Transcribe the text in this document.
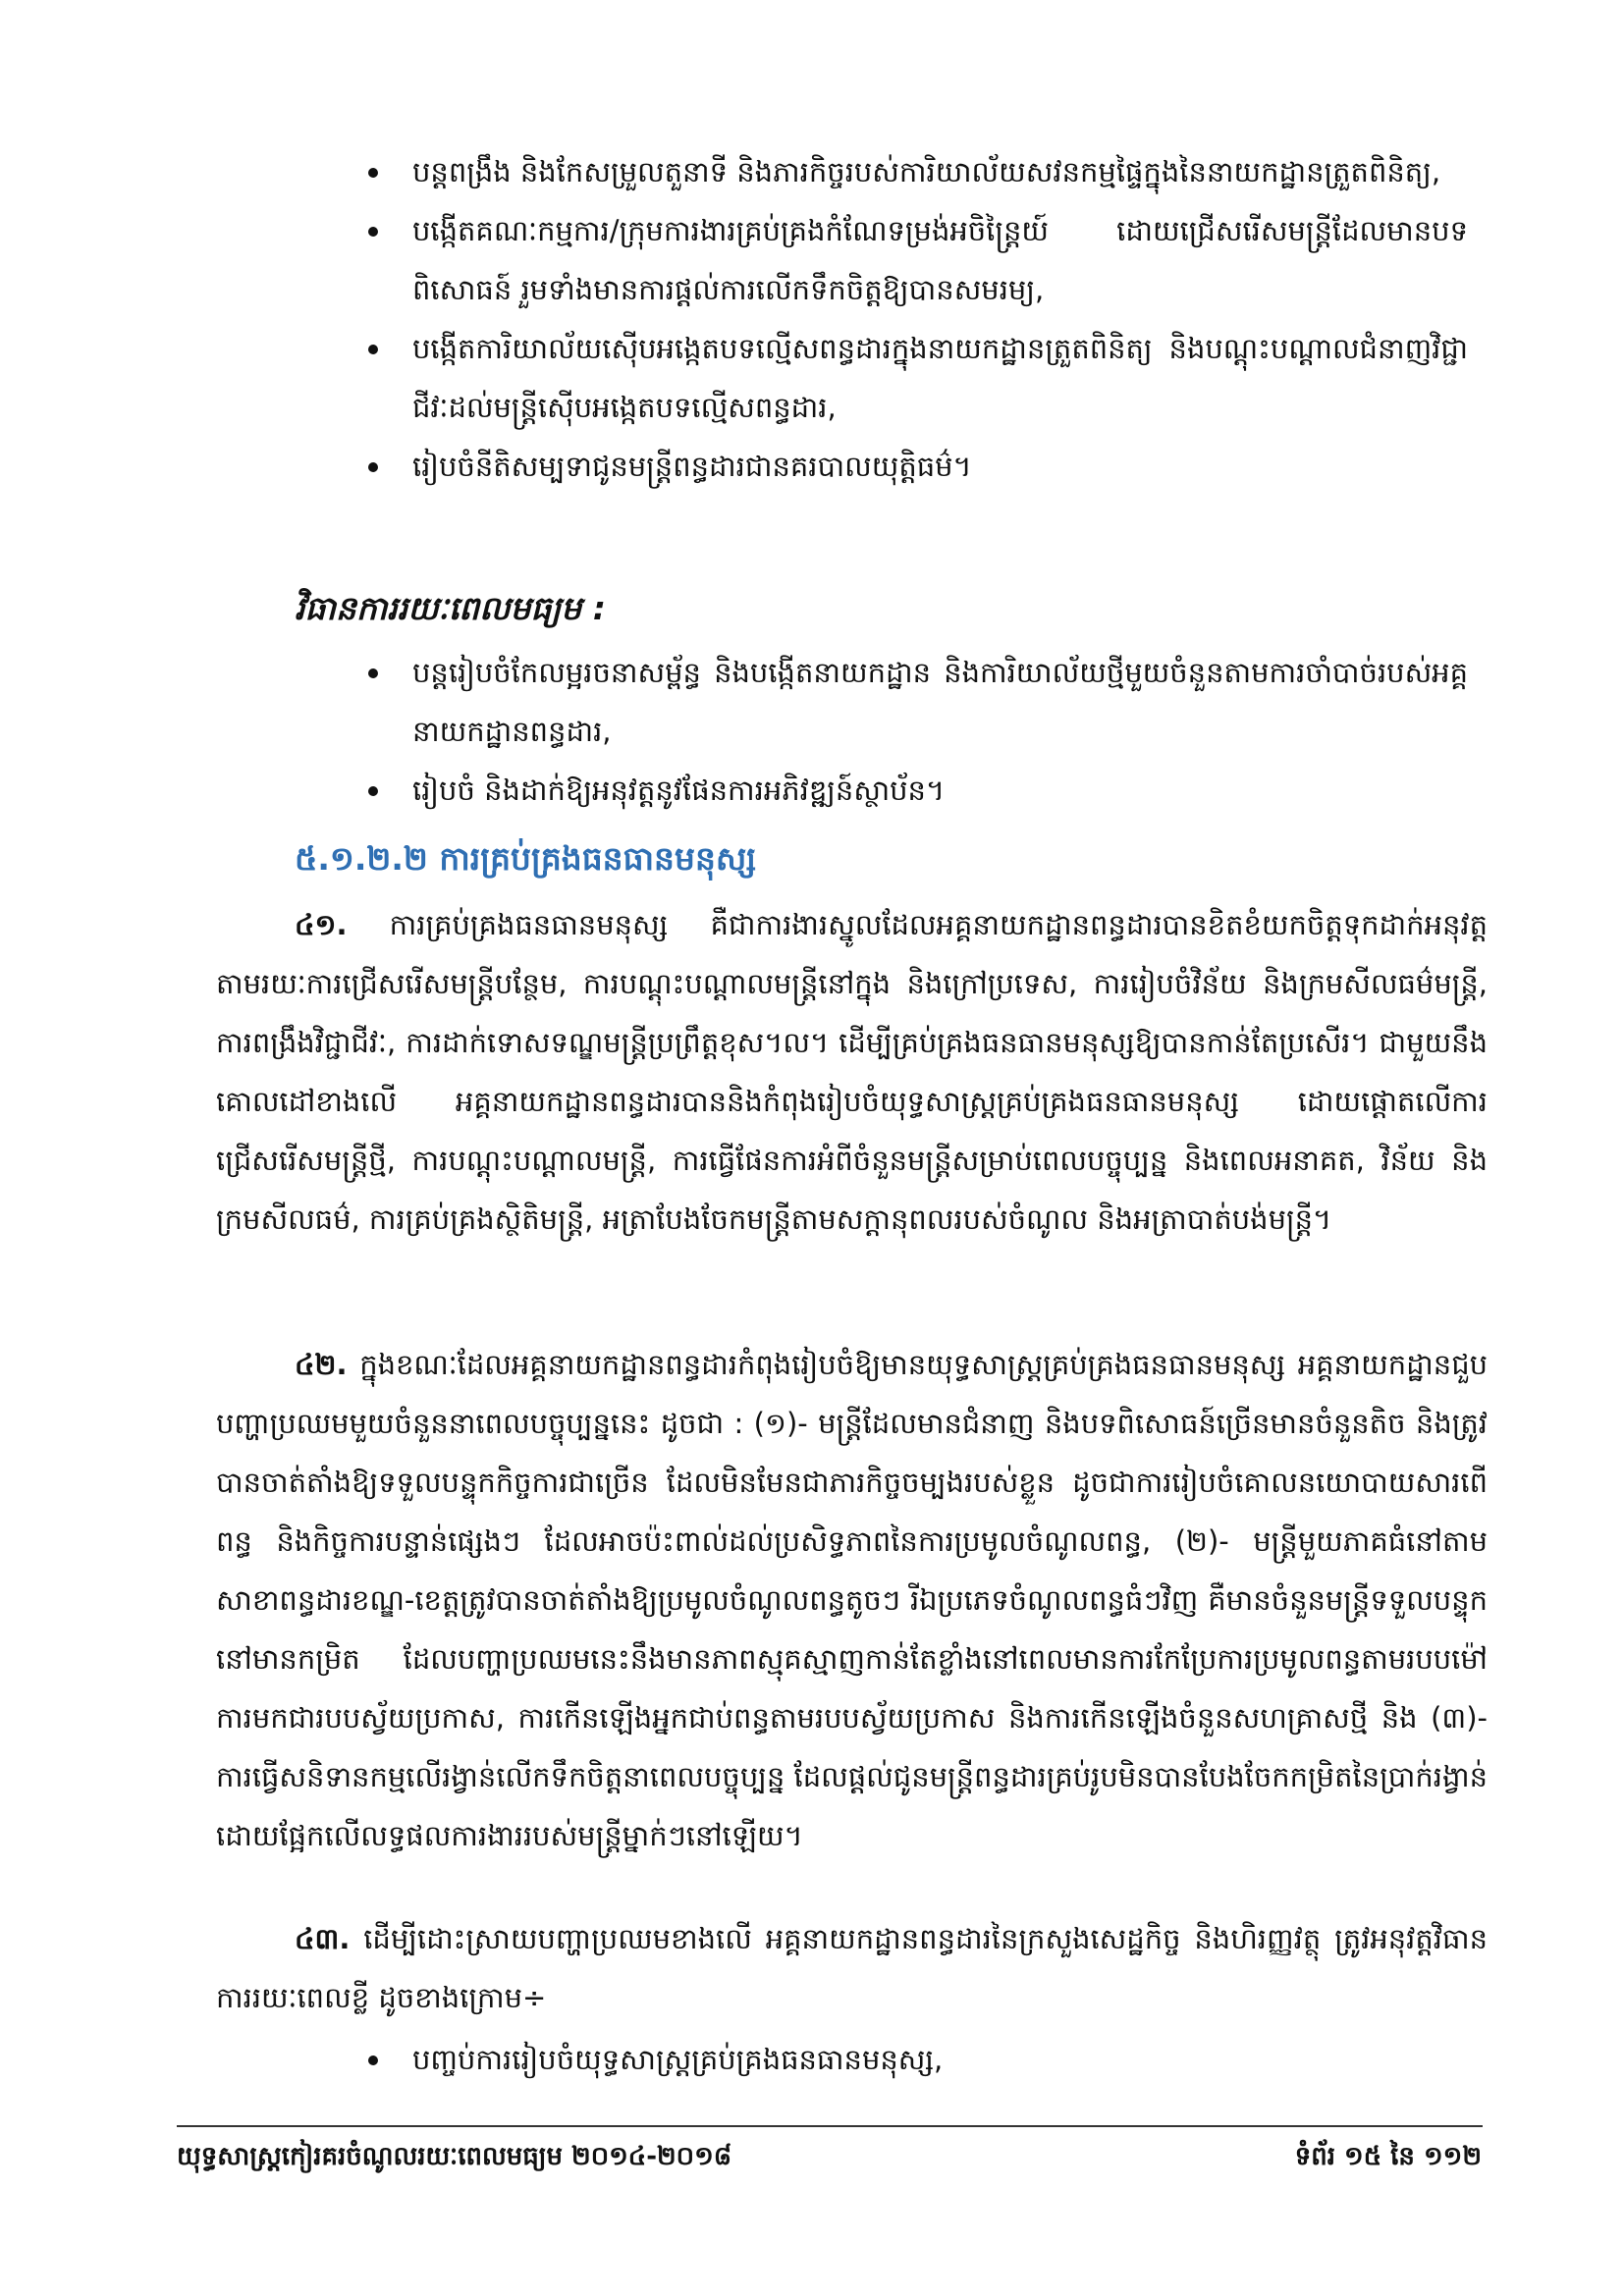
បន្តពង្រឹង និងកែសម្រួលតួនាទី និងភារកិច្ចរបស់ការិយាល័យសវនកម្មផ្ទៃក្នុងនៃនាយកដ្ឋានត្រួតពិនិត្យ,
បង្កើតគណៈកម្មការ/ក្រុមការងារគ្រប់គ្រងកំណែទម្រង់អចិន្ត្រៃយ៍ ដោយជ្រើសរើសមន្ត្រីដែលមានបទពិសោធន៍ រួមទាំងមានការផ្តល់ការលើកទឹកចិត្តឱ្យបានសមរម្យ,
បង្កើតការិយាល័យស៊ើបអង្កេតបទល្មើសពន្ធដារក្នុងនាយកដ្ឋានត្រួតពិនិត្យ និងបណ្តុះបណ្តាលជំនាញវិជ្ជាជីវៈដល់មន្ត្រីស៊ើបអង្កេតបទល្មើសពន្ធដារ,
រៀបចំនីតិសម្បទាជូនមន្ត្រីពន្ធដារជានគរបាលយុត្តិធម៌។
វិធានការរយៈពេលមធ្យម :
បន្តរៀបចំកែលម្អរចនាសម្ព័ន្ធ និងបង្កើតនាយកដ្ឋាន និងការិយាល័យថ្មីមួយចំនួនតាមការចាំបាច់របស់អគ្គនាយកដ្ឋានពន្ធដារ,
រៀបចំ និងដាក់ឱ្យអនុវត្តនូវផែនការអភិវឌ្ឍន៍ស្ថាប័ន។
៥.១.២.២ ការគ្រប់គ្រងធនធានមនុស្ស

៤១. ការគ្រប់គ្រងធនធានមនុស្ស គឺជាការងារស្នូលដែលអគ្គនាយកដ្ឋានពន្ធដារបានខិតខំយកចិត្តទុកដាក់អនុវត្តតាមរយៈការជ្រើសរើសមន្ត្រីបន្ថែម, ការបណ្តុះបណ្តាលមន្ត្រីនៅក្នុង និងក្រៅប្រទេស, ការរៀបចំវិន័យ និងក្រមសីលធម៌មន្ត្រី, ការពង្រឹងវិជ្ជាជីវៈ, ការដាក់ទោសទណ្ឌមន្ត្រីប្រព្រឹត្តខុស។ល។ ដើម្បីគ្រប់គ្រងធនធានមនុស្សឱ្យបានកាន់តែប្រសើរ។ ជាមួយនឹងគោលដៅខាងលើ អគ្គនាយកដ្ឋានពន្ធដារបាននិងកំពុងរៀបចំយុទ្ធសាស្ត្រគ្រប់គ្រងធនធានមនុស្ស ដោយផ្តោតលើការជ្រើសរើសមន្ត្រីថ្មី, ការបណ្តុះបណ្តាលមន្ត្រី, ការធ្វើផែនការអំពីចំនួនមន្ត្រីសម្រាប់ពេលបច្ចុប្បន្ន និងពេលអនាគត, វិន័យ និងក្រមសីលធម៌, ការគ្រប់គ្រងស្ថិតិមន្ត្រី, អត្រាបែងចែកមន្ត្រីតាមសក្តានុពលរបស់ចំណូល និងអត្រាបាត់បង់មន្ត្រី។

៤២. ក្នុងខណៈដែលអគ្គនាយកដ្ឋានពន្ធដារកំពុងរៀបចំឱ្យមានយុទ្ធសាស្ត្រគ្រប់គ្រងធនធានមនុស្ស អគ្គនាយកដ្ឋានជួបបញ្ហាប្រឈមមួយចំនួននាពេលបច្ចុប្បន្ននេះ ដូចជា : (១)- មន្ត្រីដែលមានជំនាញ និងបទពិសោធន៍ច្រើនមានចំនួនតិច និងត្រូវបានចាត់តាំងឱ្យទទួលបន្ទុកកិច្ចការជាច្រើន ដែលមិនមែនជាភារកិច្ចចម្បងរបស់ខ្លួន ដូចជាការរៀបចំគោលនយោបាយសារពើពន្ធ និងកិច្ចការបន្ទាន់ផ្សេងៗ ដែលអាចប៉ះពាល់ដល់ប្រសិទ្ធភាពនៃការប្រមូលចំណូលពន្ធ, (២)- មន្ត្រីមួយភាគធំនៅតាមសាខាពន្ធដារខណ្ឌ-ខេត្តត្រូវបានចាត់តាំងឱ្យប្រមូលចំណូលពន្ធតូចៗ រីឯប្រភេទចំណូលពន្ធធំៗវិញ គឺមានចំនួនមន្ត្រីទទួលបន្ទុកនៅមានកម្រិត ដែលបញ្ហាប្រឈមនេះនឹងមានភាពស្មុគស្មាញកាន់តែខ្លាំងនៅពេលមានការកែប្រែការប្រមូលពន្ធតាមរបបម៉ៅការមកជារបបស្វ័យប្រកាស, ការកើនឡើងអ្នកជាប់ពន្ធតាមរបបស្វ័យប្រកាស និងការកើនឡើងចំនួនសហគ្រាសថ្មី និង (៣)- ការធ្វើសនិទានកម្មលើរង្វាន់លើកទឹកចិត្តនាពេលបច្ចុប្បន្ន ដែលផ្តល់ជូនមន្ត្រីពន្ធដារគ្រប់រូបមិនបានបែងចែកកម្រិតនៃប្រាក់រង្វាន់ ដោយផ្អែកលើលទ្ធផលការងាររបស់មន្ត្រីម្នាក់ៗនៅឡើយ។

៤៣. ដើម្បីដោះស្រាយបញ្ហាប្រឈមខាងលើ អគ្គនាយកដ្ឋានពន្ធដារនៃក្រសួងសេដ្ឋកិច្ច និងហិរញ្ញវត្ថុ ត្រូវអនុវត្តវិធានការរយៈពេលខ្លី ដូចខាងក្រោម÷

បញ្ចប់ការរៀបចំយុទ្ធសាស្ត្រគ្រប់គ្រងធនធានមនុស្ស,
យុទ្ធសាស្ត្រកៀរគរចំណូលរយៈពេលមធ្យម ២០១៤-២០១៨	ទំព័រ ១៥ នៃ ១១២
